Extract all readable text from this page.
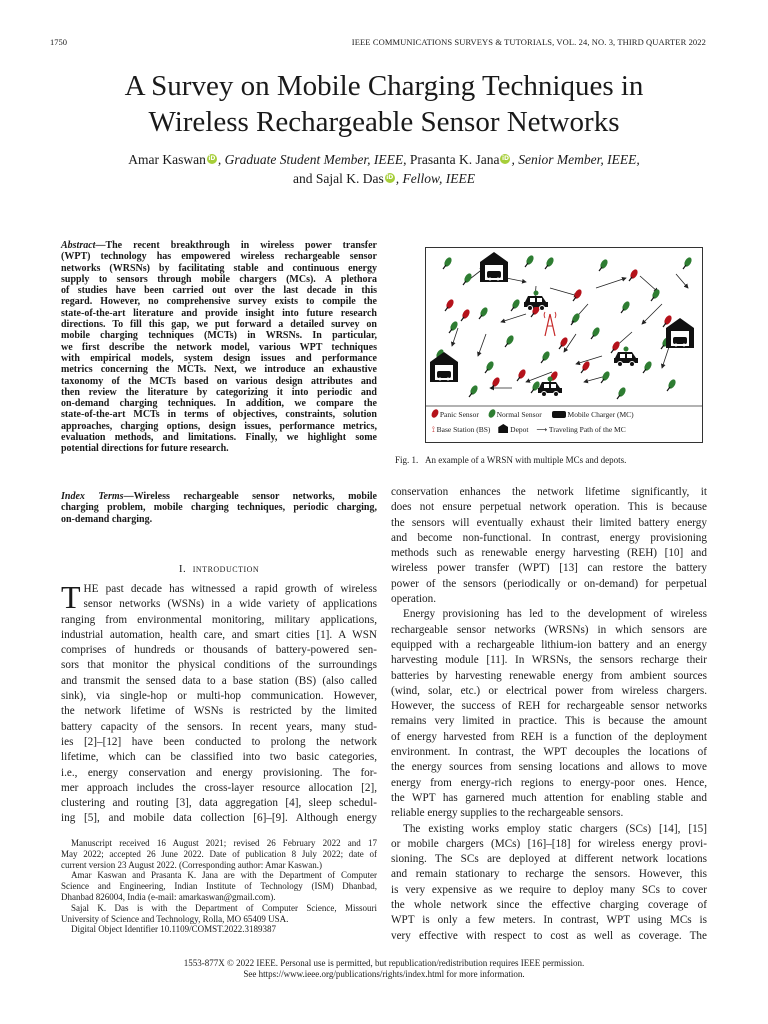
1750	IEEE COMMUNICATIONS SURVEYS & TUTORIALS, VOL. 24, NO. 3, THIRD QUARTER 2022
A Survey on Mobile Charging Techniques in
Wireless Rechargeable Sensor Networks
Amar Kaswan iD , Graduate Student Member, IEEE, Prasanta K. Jana iD , Senior Member, IEEE,
and Sajal K. Das iD , Fellow, IEEE
Abstract—The recent breakthrough in wireless power transfer
(WPT) technology has empowered wireless rechargeable sensor
networks (WRSNs) by facilitating stable and continuous energy
supply to sensors through mobile chargers (MCs). A plethora
of studies have been carried out over the last decade in this
regard. However, no comprehensive survey exists to compile the
state-of-the-art literature and provide insight into future research
directions. To fill this gap, we put forward a detailed survey on
mobile charging techniques (MCTs) in WRSNs. In particular,
we first describe the network model, various WPT techniques
with empirical models, system design issues and performance
metrics concerning the MCTs. Next, we introduce an exhaustive
taxonomy of the MCTs based on various design attributes and
then review the literature by categorizing it into periodic and
on-demand charging techniques. In addition, we compare the
state-of-the-art MCTs in terms of objectives, constraints, solution
approaches, charging options, design issues, performance metrics,
evaluation methods, and limitations. Finally, we highlight some
potential directions for future research.
Index Terms—Wireless rechargeable sensor networks, mobile
charging problem, mobile charging techniques, periodic charging,
on-demand charging.
I. introduction
T HE past decade has witnessed a rapid growth of wireless
sensor networks (WSNs) in a wide variety of applications
ranging from environmental monitoring, military applications,
industrial automation, health care, and smart cities [1]. A WSN
comprises of hundreds or thousands of battery-powered sen-
sors that monitor the physical conditions of the surroundings
and transmit the sensed data to a base station (BS) (also called
sink), via single-hop or multi-hop communication. However,
the network lifetime of WSNs is restricted by the limited
battery capacity of the sensors. In recent years, many stud-
ies [2]–[12] have been conducted to prolong the network
lifetime, which can be classified into two basic categories,
i.e., energy conservation and energy provisioning. The for-
mer approach includes the cross-layer resource allocation [2],
clustering and routing [3], data aggregation [4], sleep schedul-
ing [5], and mobile data collection [6]–[9]. Although energy
Manuscript received 16 August 2021; revised 26 February 2022 and 17
May 2022; accepted 26 June 2022. Date of publication 8 July 2022; date of
current version 23 August 2022. (Corresponding author: Amar Kaswan.)
Amar Kaswan and Prasanta K. Jana are with the Department of Computer
Science and Engineering, Indian Institute of Technology (ISM) Dhanbad,
Dhanbad 826004, India (e-mail: amarkaswan@gmail.com).
Sajal K. Das is with the Department of Computer Science, Missouri
University of Science and Technology, Rolla, MO 65409 USA.
Digital Object Identifier 10.1109/COMST.2022.3189387
Panic Sensor Normal Sensor	Mobile Charger (MC)
⟟ Base Station (BS)	Depot ⟶ Traveling Path of the MC
Fig. 1. An example of a WRSN with multiple MCs and depots.
conservation enhances the network lifetime significantly, it
does not ensure perpetual network operation. This is because
the sensors will eventually exhaust their limited battery energy
and become non-functional. In contrast, energy provisioning
methods such as renewable energy harvesting (REH) [10] and
wireless power transfer (WPT) [13] can restore the battery
power of the sensors (periodically or on-demand) for perpetual
operation.
Energy provisioning has led to the development of wireless
rechargeable sensor networks (WRSNs) in which sensors are
equipped with a rechargeable lithium-ion battery and an energy
harvesting module [11]. In WRSNs, the sensors recharge their
batteries by harvesting renewable energy from ambient sources
(wind, solar, etc.) or electrical power from wireless chargers.
However, the success of REH for rechargeable sensor networks
remains very limited in practice. This is because the amount
of energy harvested from REH is a function of the deployment
environment. In contrast, the WPT decouples the locations of
the energy sources from sensing locations and allows to move
energy from energy-rich regions to energy-poor ones. Hence,
the WPT has garnered much attention for enabling stable and
reliable energy supplies to the rechargeable sensors.
The existing works employ static chargers (SCs) [14], [15]
or mobile chargers (MCs) [16]–[18] for wireless energy provi-
sioning. The SCs are deployed at different network locations
and remain stationary to recharge the sensors. However, this
is very expensive as we require to deploy many SCs to cover
the whole network since the effective charging coverage of
WPT is only a few meters. In contrast, WPT using MCs is
very effective with respect to cost as well as coverage. The
1553-877X © 2022 IEEE. Personal use is permitted, but republication/redistribution requires IEEE permission.
See https://www.ieee.org/publications/rights/index.html for more information.
